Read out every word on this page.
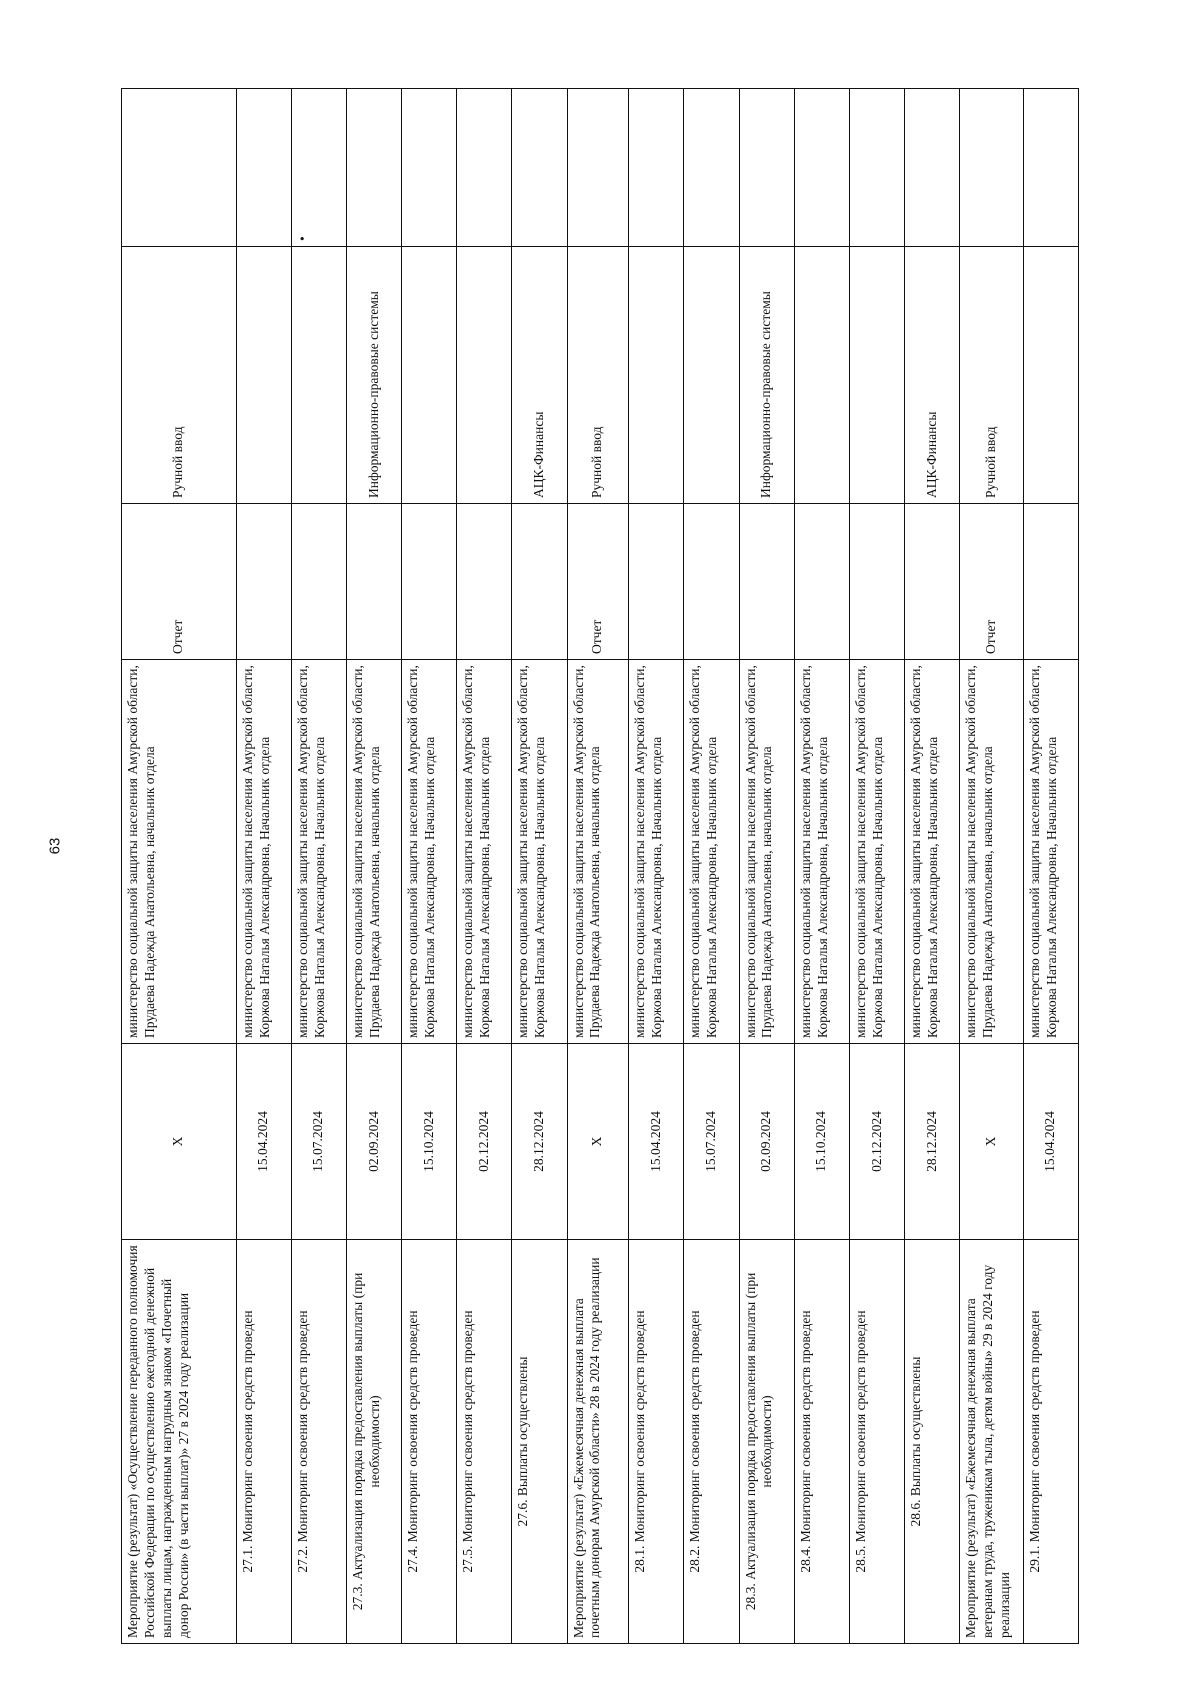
63
Мероприятие (результат) «Осуществление переданного полномочия Российской Федерации по осуществлению ежегодной денежной выплаты лицам, награжденным нагрудным знаком «Почетный донор России» (в части выплат)» 27 в 2024 году реализации	X	министерство социальной защиты населения Амурской области, Прудаева Надежда Анатольевна, начальник отдела	Отчет	Ручной ввод	
27.1. Мониторинг освоения средств проведен	15.04.2024	министерство социальной защиты населения Амурской области, Коржова Наталья Александровна, Начальник отдела			
27.2. Мониторинг освоения средств проведен	15.07.2024	министерство социальной защиты населения Амурской области, Коржова Наталья Александровна, Начальник отдела			•
27.3. Актуализация порядка предоставления выплаты (при необходимости)	02.09.2024	министерство социальной защиты населения Амурской области, Прудаева Надежда Анатольевна, начальник отдела		Информационно-правовые системы	
27.4. Мониторинг освоения средств проведен	15.10.2024	министерство социальной защиты населения Амурской области, Коржова Наталья Александровна, Начальник отдела			
27.5. Мониторинг освоения средств проведен	02.12.2024	министерство социальной защиты населения Амурской области, Коржова Наталья Александровна, Начальник отдела			
27.6. Выплаты осуществлены	28.12.2024	министерство социальной защиты населения Амурской области, Коржова Наталья Александровна, Начальник отдела		АЦК-Финансы	
Мероприятие (результат) «Ежемесячная денежная выплата почетным донорам Амурской области» 28 в 2024 году реализации	X	министерство социальной защиты населения Амурской области, Прудаева Надежда Анатольевна, начальник отдела	Отчет	Ручной ввод	
28.1. Мониторинг освоения средств проведен	15.04.2024	министерство социальной защиты населения Амурской области, Коржова Наталья Александровна, Начальник отдела			
28.2. Мониторинг освоения средств проведен	15.07.2024	министерство социальной защиты населения Амурской области, Коржова Наталья Александровна, Начальник отдела			
28.3. Актуализация порядка предоставления выплаты (при необходимости)	02.09.2024	министерство социальной защиты населения Амурской области, Прудаева Надежда Анатольевна, начальник отдела		Информационно-правовые системы	
28.4. Мониторинг освоения средств проведен	15.10.2024	министерство социальной защиты населения Амурской области, Коржова Наталья Александровна, Начальник отдела			
28.5. Мониторинг освоения средств проведен	02.12.2024	министерство социальной защиты населения Амурской области, Коржова Наталья Александровна, Начальник отдела			
28.6. Выплаты осуществлены	28.12.2024	министерство социальной защиты населения Амурской области, Коржова Наталья Александровна, Начальник отдела		АЦК-Финансы	
Мероприятие (результат) «Ежемесячная денежная выплата ветеранам труда, труженикам тыла, детям войны» 29 в 2024 году реализации	X	министерство социальной защиты населения Амурской области, Прудаева Надежда Анатольевна, начальник отдела	Отчет	Ручной ввод	
29.1. Мониторинг освоения средств проведен	15.04.2024	министерство социальной защиты населения Амурской области, Коржова Наталья Александровна, Начальник отдела			
